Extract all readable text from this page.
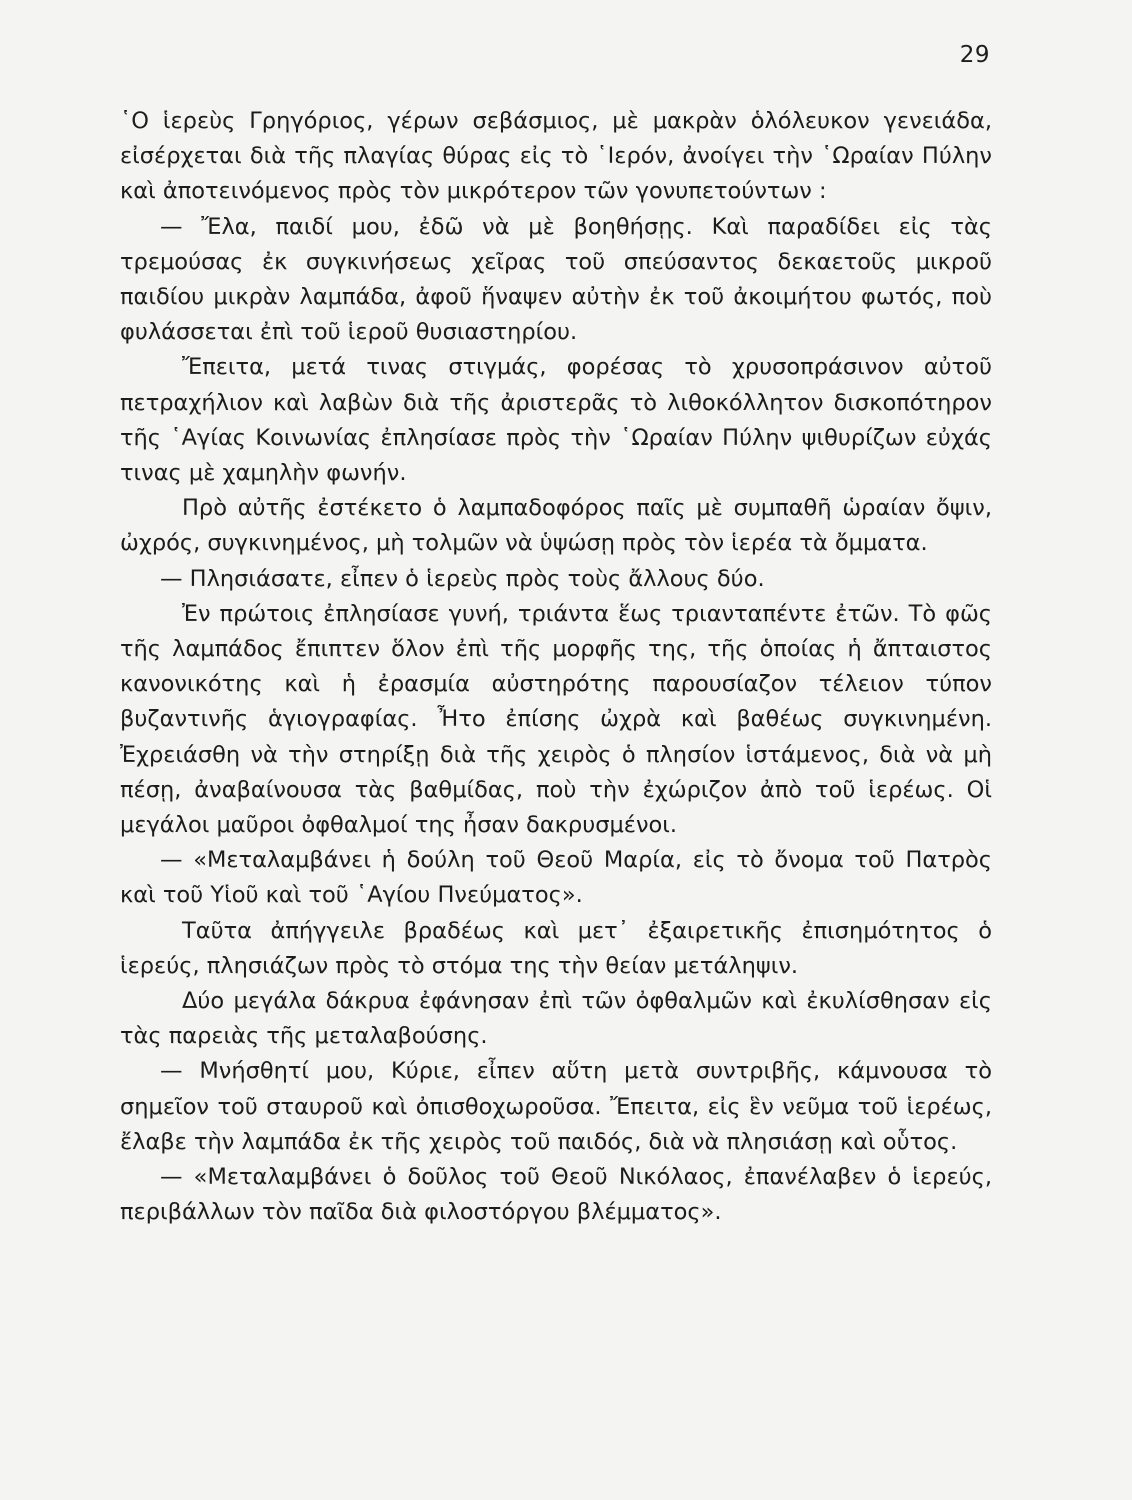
29

῾Ο ἱερεὺς Γρηγόριος, γέρων σεβάσμιος, μὲ μακρὰν ὁλόλευκον γενειάδα, εἰσέρχεται διὰ τῆς πλαγίας θύρας εἰς τὸ ῾Ιερόν, ἀνοίγει τὴν ῾Ωραίαν Πύλην καὶ ἀποτεινόμενος πρὸς τὸν μικρότερον τῶν γονυπετούντων :

— Ἔλα, παιδί μου, ἐδῶ νὰ μὲ βοηθήσῃς. Καὶ παραδίδει εἰς τὰς τρεμούσας ἐκ συγκινήσεως χεῖρας τοῦ σπεύσαντος δεκαετοῦς μικροῦ παιδίου μικρὰν λαμπάδα, ἀφοῦ ἥναψεν αὐτὴν ἐκ τοῦ ἀκοιμήτου φωτός, ποὺ φυλάσσεται ἐπὶ τοῦ ἱεροῦ θυσιαστηρίου.

Ἔπειτα, μετά τινας στιγμάς, φορέσας τὸ χρυσοπράσινον αὐτοῦ πετραχήλιον καὶ λαβὼν διὰ τῆς ἀριστερᾶς τὸ λιθοκόλλητον δισκοπότηρον τῆς ῾Αγίας Κοινωνίας ἐπλησίασε πρὸς τὴν ῾Ωραίαν Πύλην ψιθυρίζων εὐχάς τινας μὲ χαμηλὴν φωνήν.

Πρὸ αὐτῆς ἐστέκετο ὁ λαμπαδοφόρος παῖς μὲ συμπαθῆ ὡραίαν ὄψιν, ὠχρός, συγκινημένος, μὴ τολμῶν νὰ ὑψώσῃ πρὸς τὸν ἱερέα τὰ ὄμματα.

— Πλησιάσατε, εἶπεν ὁ ἱερεὺς πρὸς τοὺς ἄλλους δύο.

Ἐν πρώτοις ἐπλησίασε γυνή, τριάντα ἕως τριανταπέντε ἐτῶν. Τὸ φῶς τῆς λαμπάδος ἔπιπτεν ὅλον ἐπὶ τῆς μορφῆς της, τῆς ὁποίας ἡ ἄπταιστος κανονικότης καὶ ἡ ἐρασμία αὐστηρότης παρουσίαζον τέλειον τύπον βυζαντινῆς ἁγιογραφίας. Ἦτο ἐπίσης ὠχρὰ καὶ βαθέως συγκινημένη. Ἐχρειάσθη νὰ τὴν στηρίξῃ διὰ τῆς χειρὸς ὁ πλησίον ἱστάμενος, διὰ νὰ μὴ πέσῃ, ἀναβαίνουσα τὰς βαθμίδας, ποὺ τὴν ἐχώριζον ἀπὸ τοῦ ἱερέως. Οἱ μεγάλοι μαῦροι ὀφθαλμοί της ἦσαν δακρυσμένοι.

— «Μεταλαμβάνει ἡ δούλη τοῦ Θεοῦ Μαρία, εἰς τὸ ὄνομα τοῦ Πατρὸς καὶ τοῦ Υἱοῦ καὶ τοῦ ῾Αγίου Πνεύματος».

Ταῦτα ἀπήγγειλε βραδέως καὶ μετ᾽ ἐξαιρετικῆς ἐπισημότητος ὁ ἱερεύς, πλησιάζων πρὸς τὸ στόμα της τὴν θείαν μετάληψιν.

Δύο μεγάλα δάκρυα ἐφάνησαν ἐπὶ τῶν ὀφθαλμῶν καὶ ἐκυλίσθησαν εἰς τὰς παρειὰς τῆς μεταλαβούσης.

— Μνήσθητί μου, Κύριε, εἶπεν αὕτη μετὰ συντριβῆς, κάμνουσα τὸ σημεῖον τοῦ σταυροῦ καὶ ὀπισθοχωροῦσα. Ἔπειτα, εἰς ἓν νεῦμα τοῦ ἱερέως, ἔλαβε τὴν λαμπάδα ἐκ τῆς χειρὸς τοῦ παιδός, διὰ νὰ πλησιάσῃ καὶ οὗτος.

— «Μεταλαμβάνει ὁ δοῦλος τοῦ Θεοῦ Νικόλαος, ἐπανέλαβεν ὁ ἱερεύς, περιβάλλων τὸν παῖδα διὰ φιλοστόργου βλέμματος».
